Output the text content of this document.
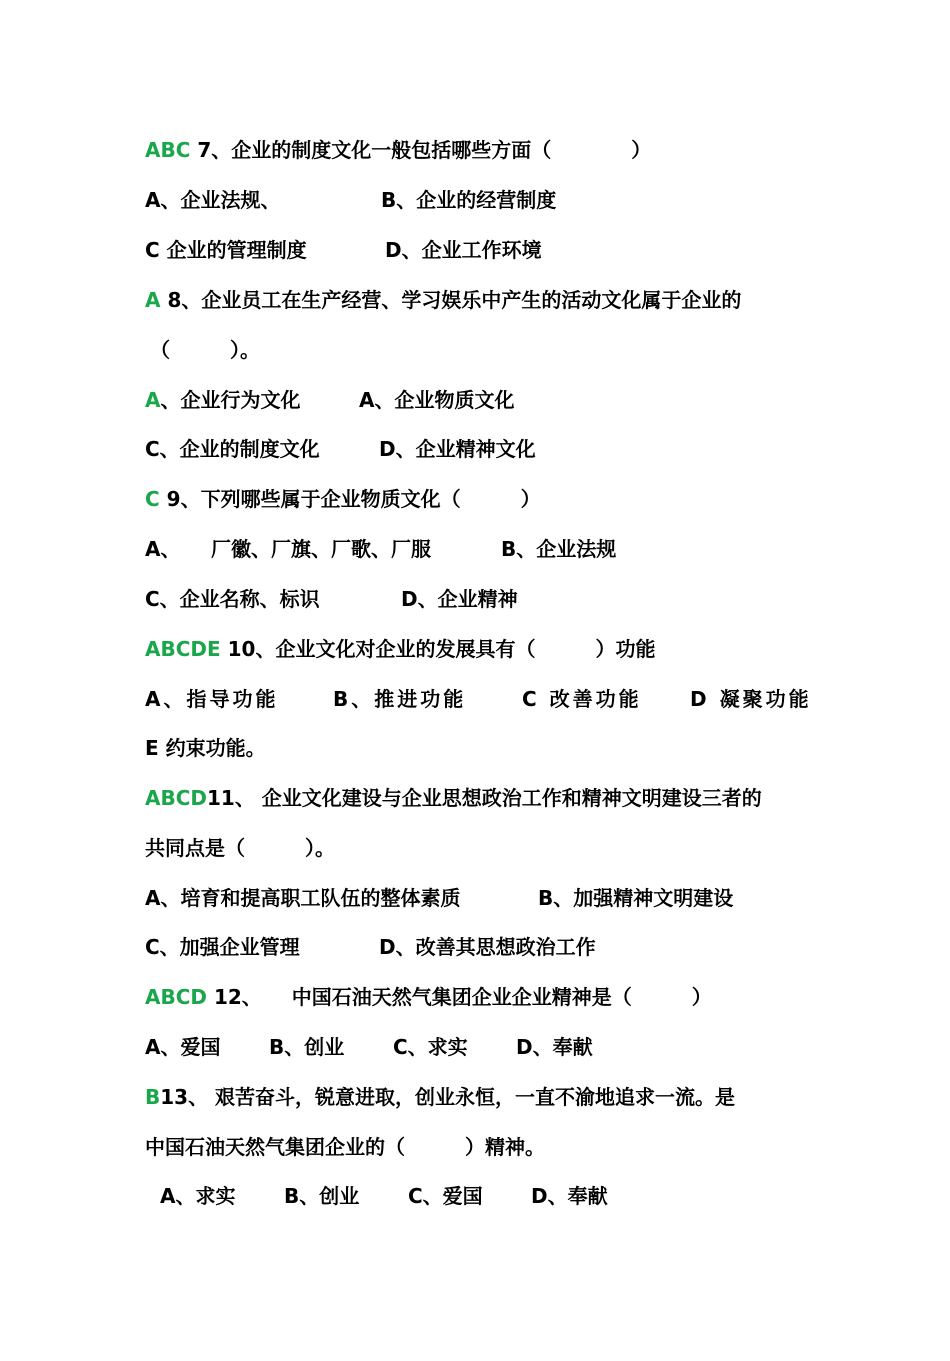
ABC 7、企业的制度文化一般包括哪些方面（　　　　）

A、企业法规、

	B、企业的经营制度

C 企业的管理制度

	D、企业工作环境

A 8、企业员工在生产经营、学习娱乐中产生的活动文化属于企业的
（　　　）。

A、企业行为文化

	A、企业物质文化

C、企业的制度文化

	D、企业精神文化

C 9、下列哪些属于企业物质文化（　　　）

A、

厂徽、厂旗、厂歌、厂服

	B、企业法规

C、企业名称、标识

	D、企业精神

ABCDE 10、企业文化对企业的发展具有（　　　）功能

A、指导功能

	B、推进功能

	C 改善功能

D 凝聚功能

E 约束功能。
ABCD11、 企业文化建设与企业思想政治工作和精神文明建设三者的
共同点是（　　　）。

A、培育和提高职工队伍的整体素质

	B、加强精神文明建设

C、加强企业管理

	D、改善其思想政治工作

ABCD 12、　　中国石油天然气集团企业企业精神是（　　　）

A、爱国

B、创业

C、求实

D、奉献

B13、 艰苦奋斗，锐意进取，创业永恒，一直不渝地追求一流。是
中国石油天然气集团企业的（　　　）精神。

A、求实

B、创业

C、爱国

D、奉献
